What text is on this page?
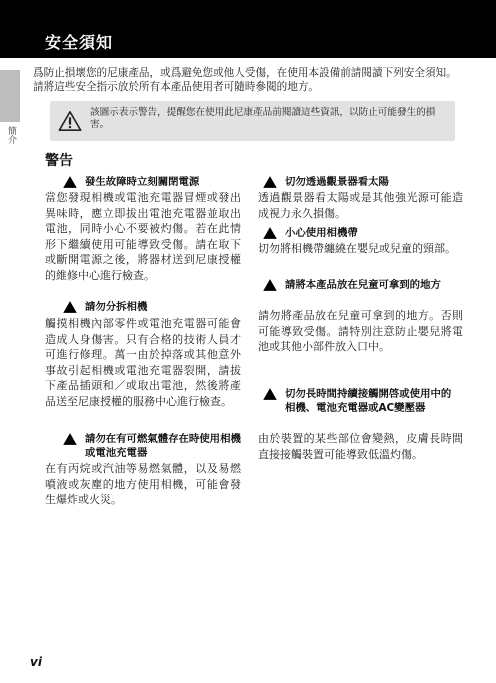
安全須知
簡介

爲防止損壞您的尼康產品，或爲避免您或他人受傷，在使用本設備前請閱讀下列安全須知。請將這些安全指示放於所有本產品使用者可隨時參閱的地方。

該圖示表示警告，提醒您在使用此尼康產品前閱讀這些資訊，以防止可能發生的損害。
警告
發生故障時立刻關閉電源

當您發現相機或電池充電器冒煙或發出異味時，應立即拔出電池充電器並取出電池，同時小心不要被灼傷。若在此情形下繼續使用可能導致受傷。請在取下或斷開電源之後，將器材送到尼康授權的維修中心進行檢查。

請勿分拆相機

觸摸相機內部零件或電池充電器可能會造成人身傷害。只有合格的技術人員才可進行修理。萬一由於掉落或其他意外事故引起相機或電池充電器裂開，請拔下產品插頭和／或取出電池，然後將產品送至尼康授權的服務中心進行檢查。

請勿在有可燃氣體存在時使用相機或電池充電器

在有丙烷或汽油等易燃氣體，以及易燃噴液或灰塵的地方使用相機，可能會發生爆炸或火災。

切勿透過觀景器看太陽

透過觀景器看太陽或是其他強光源可能造成視力永久損傷。

小心使用相機帶

切勿將相機帶纏繞在嬰兒或兒童的頸部。

請將本產品放在兒童可拿到的地方

請勿將產品放在兒童可拿到的地方。否則可能導致受傷。請特別注意防止嬰兒將電池或其他小部件放入口中。

切勿長時間持續接觸開啓或使用中的相機、電池充電器或AC變壓器

由於裝置的某些部位會變熱，皮膚長時間直接接觸裝置可能導致低溫灼傷。

vi
